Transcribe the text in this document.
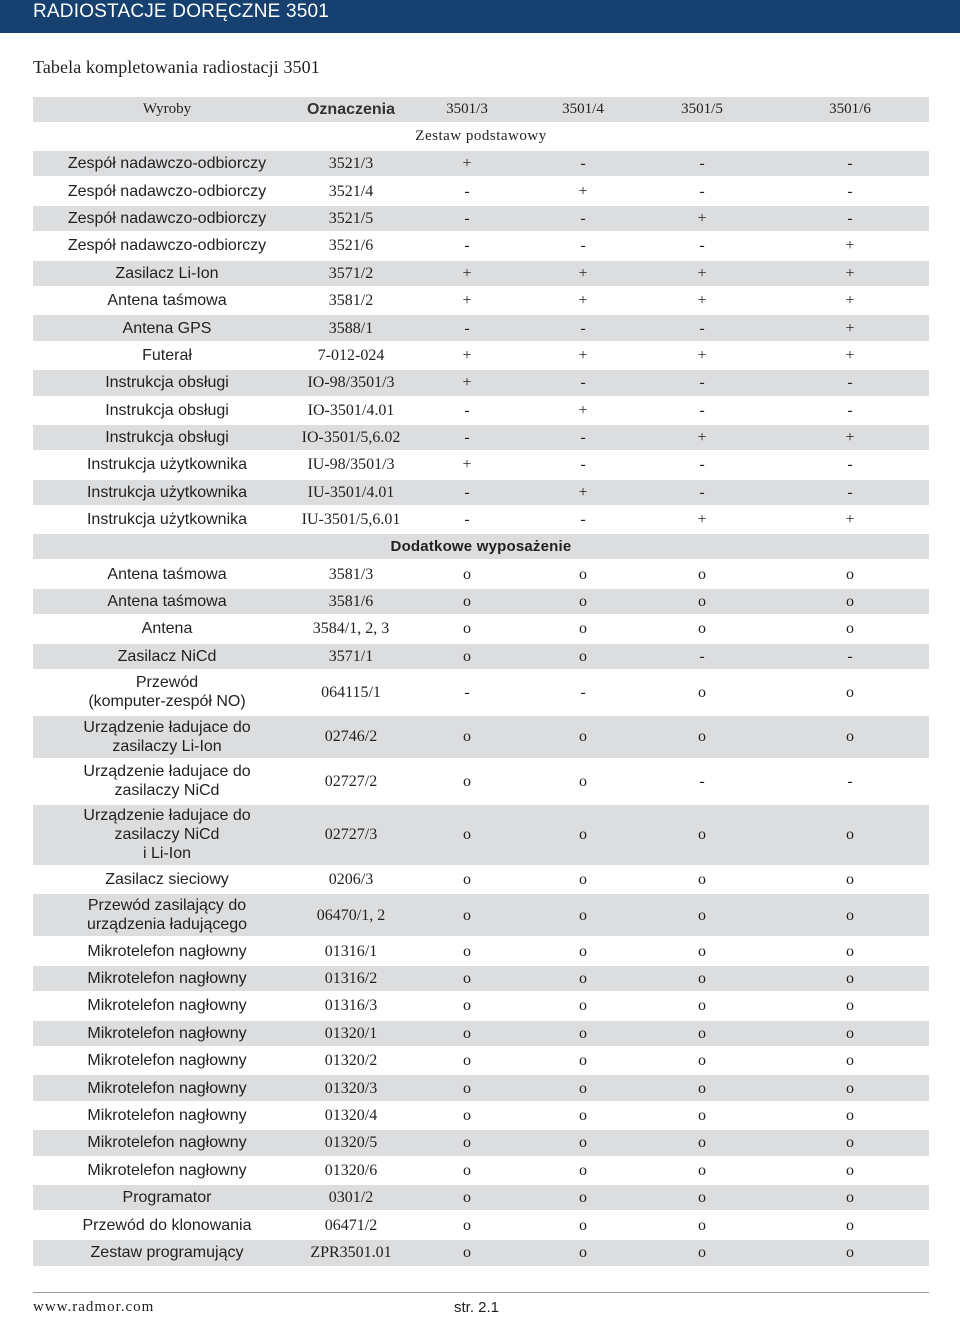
RADIOSTACJE DORĘCZNE 3501
Tabela kompletowania radiostacji 3501
Wyroby	Oznaczenia	3501/3	3501/4	3501/5	3501/6
Zestaw podstawowy					

Zespół nadawczo-odbiorczy	3521/3	+	-	-	-

Zespół nadawczo-odbiorczy	3521/4	-	+	-	-

Zespół nadawczo-odbiorczy	3521/5	-	-	+	-

Zespół nadawczo-odbiorczy	3521/6	-	-	-	+

Zasilacz Li-Ion	3571/2	+	+	+	+

Antena taśmowa	3581/2	+	+	+	+

Antena GPS	3588/1	-	-	-	+

Futerał	7-012-024	+	+	+	+

Instrukcja obsługi	IO-98/3501/3	+	-	-	-

Instrukcja obsługi	IO-3501/4.01	-	+	-	-

Instrukcja obsługi	IO-3501/5,6.02	-	-	+	+

Instrukcja użytkownika	IU-98/3501/3	+	-	-	-

Instrukcja użytkownika	IU-3501/4.01	-	+	-	-

Instrukcja użytkownika	IU-3501/5,6.01	-	-	+	+
Dodatkowe wyposażenie					

Antena taśmowa	3581/3	o	o	o	o

Antena taśmowa	3581/6	o	o	o	o

Antena	3584/1, 2, 3	o	o	o	o

Zasilacz NiCd	3571/1	o	o	-	-

Przewód
(komputer-zespół NO)	064115/1	-	-	o	o

Urządzenie ładujace do
zasilaczy Li-Ion	02746/2	o	o	o	o

Urządzenie ładujace do
zasilaczy NiCd	02727/2	o	o	-	-

Urządzenie ładujace do
zasilaczy NiCd
i Li-Ion	02727/3	o	o	o	o

Zasilacz sieciowy	0206/3	o	o	o	o

Przewód zasilający do
urządzenia ładującego	06470/1, 2	o	o	o	o

Mikrotelefon nagłowny	01316/1	o	o	o	o

Mikrotelefon nagłowny	01316/2	o	o	o	o

Mikrotelefon nagłowny	01316/3	o	o	o	o

Mikrotelefon nagłowny	01320/1	o	o	o	o

Mikrotelefon nagłowny	01320/2	o	o	o	o

Mikrotelefon nagłowny	01320/3	o	o	o	o

Mikrotelefon nagłowny	01320/4	o	o	o	o

Mikrotelefon nagłowny	01320/5	o	o	o	o

Mikrotelefon nagłowny	01320/6	o	o	o	o

Programator	0301/2	o	o	o	o

Przewód do klonowania	06471/2	o	o	o	o

Zestaw programujący	ZPR3501.01	o	o	o	o
www.radmor.com	str. 2.1
